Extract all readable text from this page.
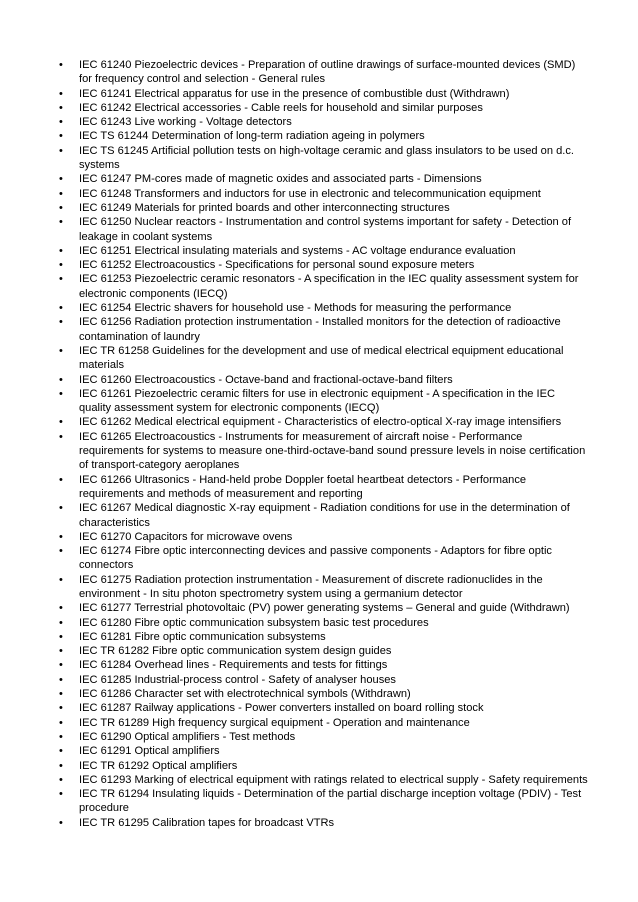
• IEC 61240 Piezoelectric devices - Preparation of outline drawings of surface-mounted devices (SMD) for frequency control and selection - General rules
• IEC 61241 Electrical apparatus for use in the presence of combustible dust (Withdrawn)
• IEC 61242 Electrical accessories - Cable reels for household and similar purposes
• IEC 61243 Live working - Voltage detectors
• IEC TS 61244 Determination of long-term radiation ageing in polymers
• IEC TS 61245 Artificial pollution tests on high-voltage ceramic and glass insulators to be used on d.c. systems
• IEC 61247 PM-cores made of magnetic oxides and associated parts - Dimensions
• IEC 61248 Transformers and inductors for use in electronic and telecommunication equipment
• IEC 61249 Materials for printed boards and other interconnecting structures
• IEC 61250 Nuclear reactors - Instrumentation and control systems important for safety - Detection of leakage in coolant systems
• IEC 61251 Electrical insulating materials and systems - AC voltage endurance evaluation
• IEC 61252 Electroacoustics - Specifications for personal sound exposure meters
• IEC 61253 Piezoelectric ceramic resonators - A specification in the IEC quality assessment system for electronic components (IECQ)
• IEC 61254 Electric shavers for household use - Methods for measuring the performance
• IEC 61256 Radiation protection instrumentation - Installed monitors for the detection of radioactive contamination of laundry
• IEC TR 61258 Guidelines for the development and use of medical electrical equipment educational materials
• IEC 61260 Electroacoustics - Octave-band and fractional-octave-band filters
• IEC 61261 Piezoelectric ceramic filters for use in electronic equipment - A specification in the IEC quality assessment system for electronic components (IECQ)
• IEC 61262 Medical electrical equipment - Characteristics of electro-optical X-ray image intensifiers
• IEC 61265 Electroacoustics - Instruments for measurement of aircraft noise - Performance requirements for systems to measure one-third-octave-band sound pressure levels in noise certification of transport-category aeroplanes
• IEC 61266 Ultrasonics - Hand-held probe Doppler foetal heartbeat detectors - Performance requirements and methods of measurement and reporting
• IEC 61267 Medical diagnostic X-ray equipment - Radiation conditions for use in the determination of characteristics
• IEC 61270 Capacitors for microwave ovens
• IEC 61274 Fibre optic interconnecting devices and passive components - Adaptors for fibre optic connectors
• IEC 61275 Radiation protection instrumentation - Measurement of discrete radionuclides in the environment - In situ photon spectrometry system using a germanium detector
• IEC 61277 Terrestrial photovoltaic (PV) power generating systems – General and guide (Withdrawn)
• IEC 61280 Fibre optic communication subsystem basic test procedures
• IEC 61281 Fibre optic communication subsystems
• IEC TR 61282 Fibre optic communication system design guides
• IEC 61284 Overhead lines - Requirements and tests for fittings
• IEC 61285 Industrial-process control - Safety of analyser houses
• IEC 61286 Character set with electrotechnical symbols (Withdrawn)
• IEC 61287 Railway applications - Power converters installed on board rolling stock
• IEC TR 61289 High frequency surgical equipment - Operation and maintenance
• IEC 61290 Optical amplifiers - Test methods
• IEC 61291 Optical amplifiers
• IEC TR 61292 Optical amplifiers
• IEC 61293 Marking of electrical equipment with ratings related to electrical supply - Safety requirements
• IEC TR 61294 Insulating liquids - Determination of the partial discharge inception voltage (PDIV) - Test procedure
• IEC TR 61295 Calibration tapes for broadcast VTRs
